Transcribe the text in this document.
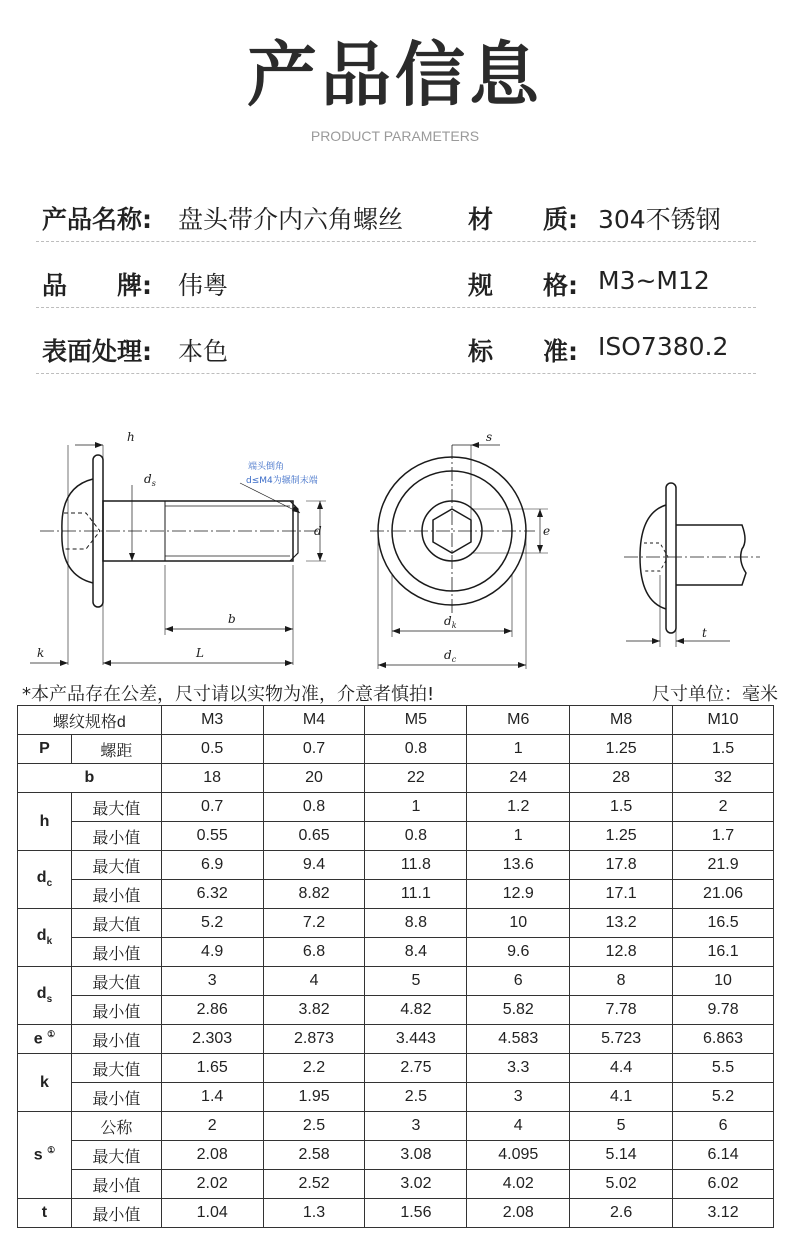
产品信息
PRODUCT PARAMETERS
产品名称: 盘头带介内六角螺丝	材　　质: 304不锈钢
品　　牌: 伟粤	规　　格: M3~M12
表面处理: 本色	标　　准: ISO7380.2
h
$d_s$
d
b
k	L
s
e
$d_k$
$d_c$
t
端头倒角
d≤M4为辗制末端
*本产品存在公差，尺寸请以实物为准，介意者慎拍!	尺寸单位：毫米
螺纹规格d		M3	M4	M5	M6	M8	M10
P	螺距	0.5	0.7	0.8	1	1.25	1.5
b		18	20	22	24	28	32
h	最大值	0.7	0.8	1	1.2	1.5	2
	最小值	0.55	0.65	0.8	1	1.25	1.7
$d_c$	最大值	6.9	9.4	11.8	13.6	17.8	21.9
	最小值	6.32	8.82	11.1	12.9	17.1	21.06
$d_k$	最大值	5.2	7.2	8.8	10	13.2	16.5
	最小值	4.9	6.8	8.4	9.6	12.8	16.1
$d_s$	最大值	3	4	5	6	8	10
	最小值	2.86	3.82	4.82	5.82	7.78	9.78
e ①	最小值	2.303	2.873	3.443	4.583	5.723	6.863
k	最大值	1.65	2.2	2.75	3.3	4.4	5.5
	最小值	1.4	1.95	2.5	3	4.1	5.2
s ①	公称	2	2.5	3	4	5	6
	最大值	2.08	2.58	3.08	4.095	5.14	6.14
	最小值	2.02	2.52	3.02	4.02	5.02	6.02
t	最小值	1.04	1.3	1.56	2.08	2.6	3.12
